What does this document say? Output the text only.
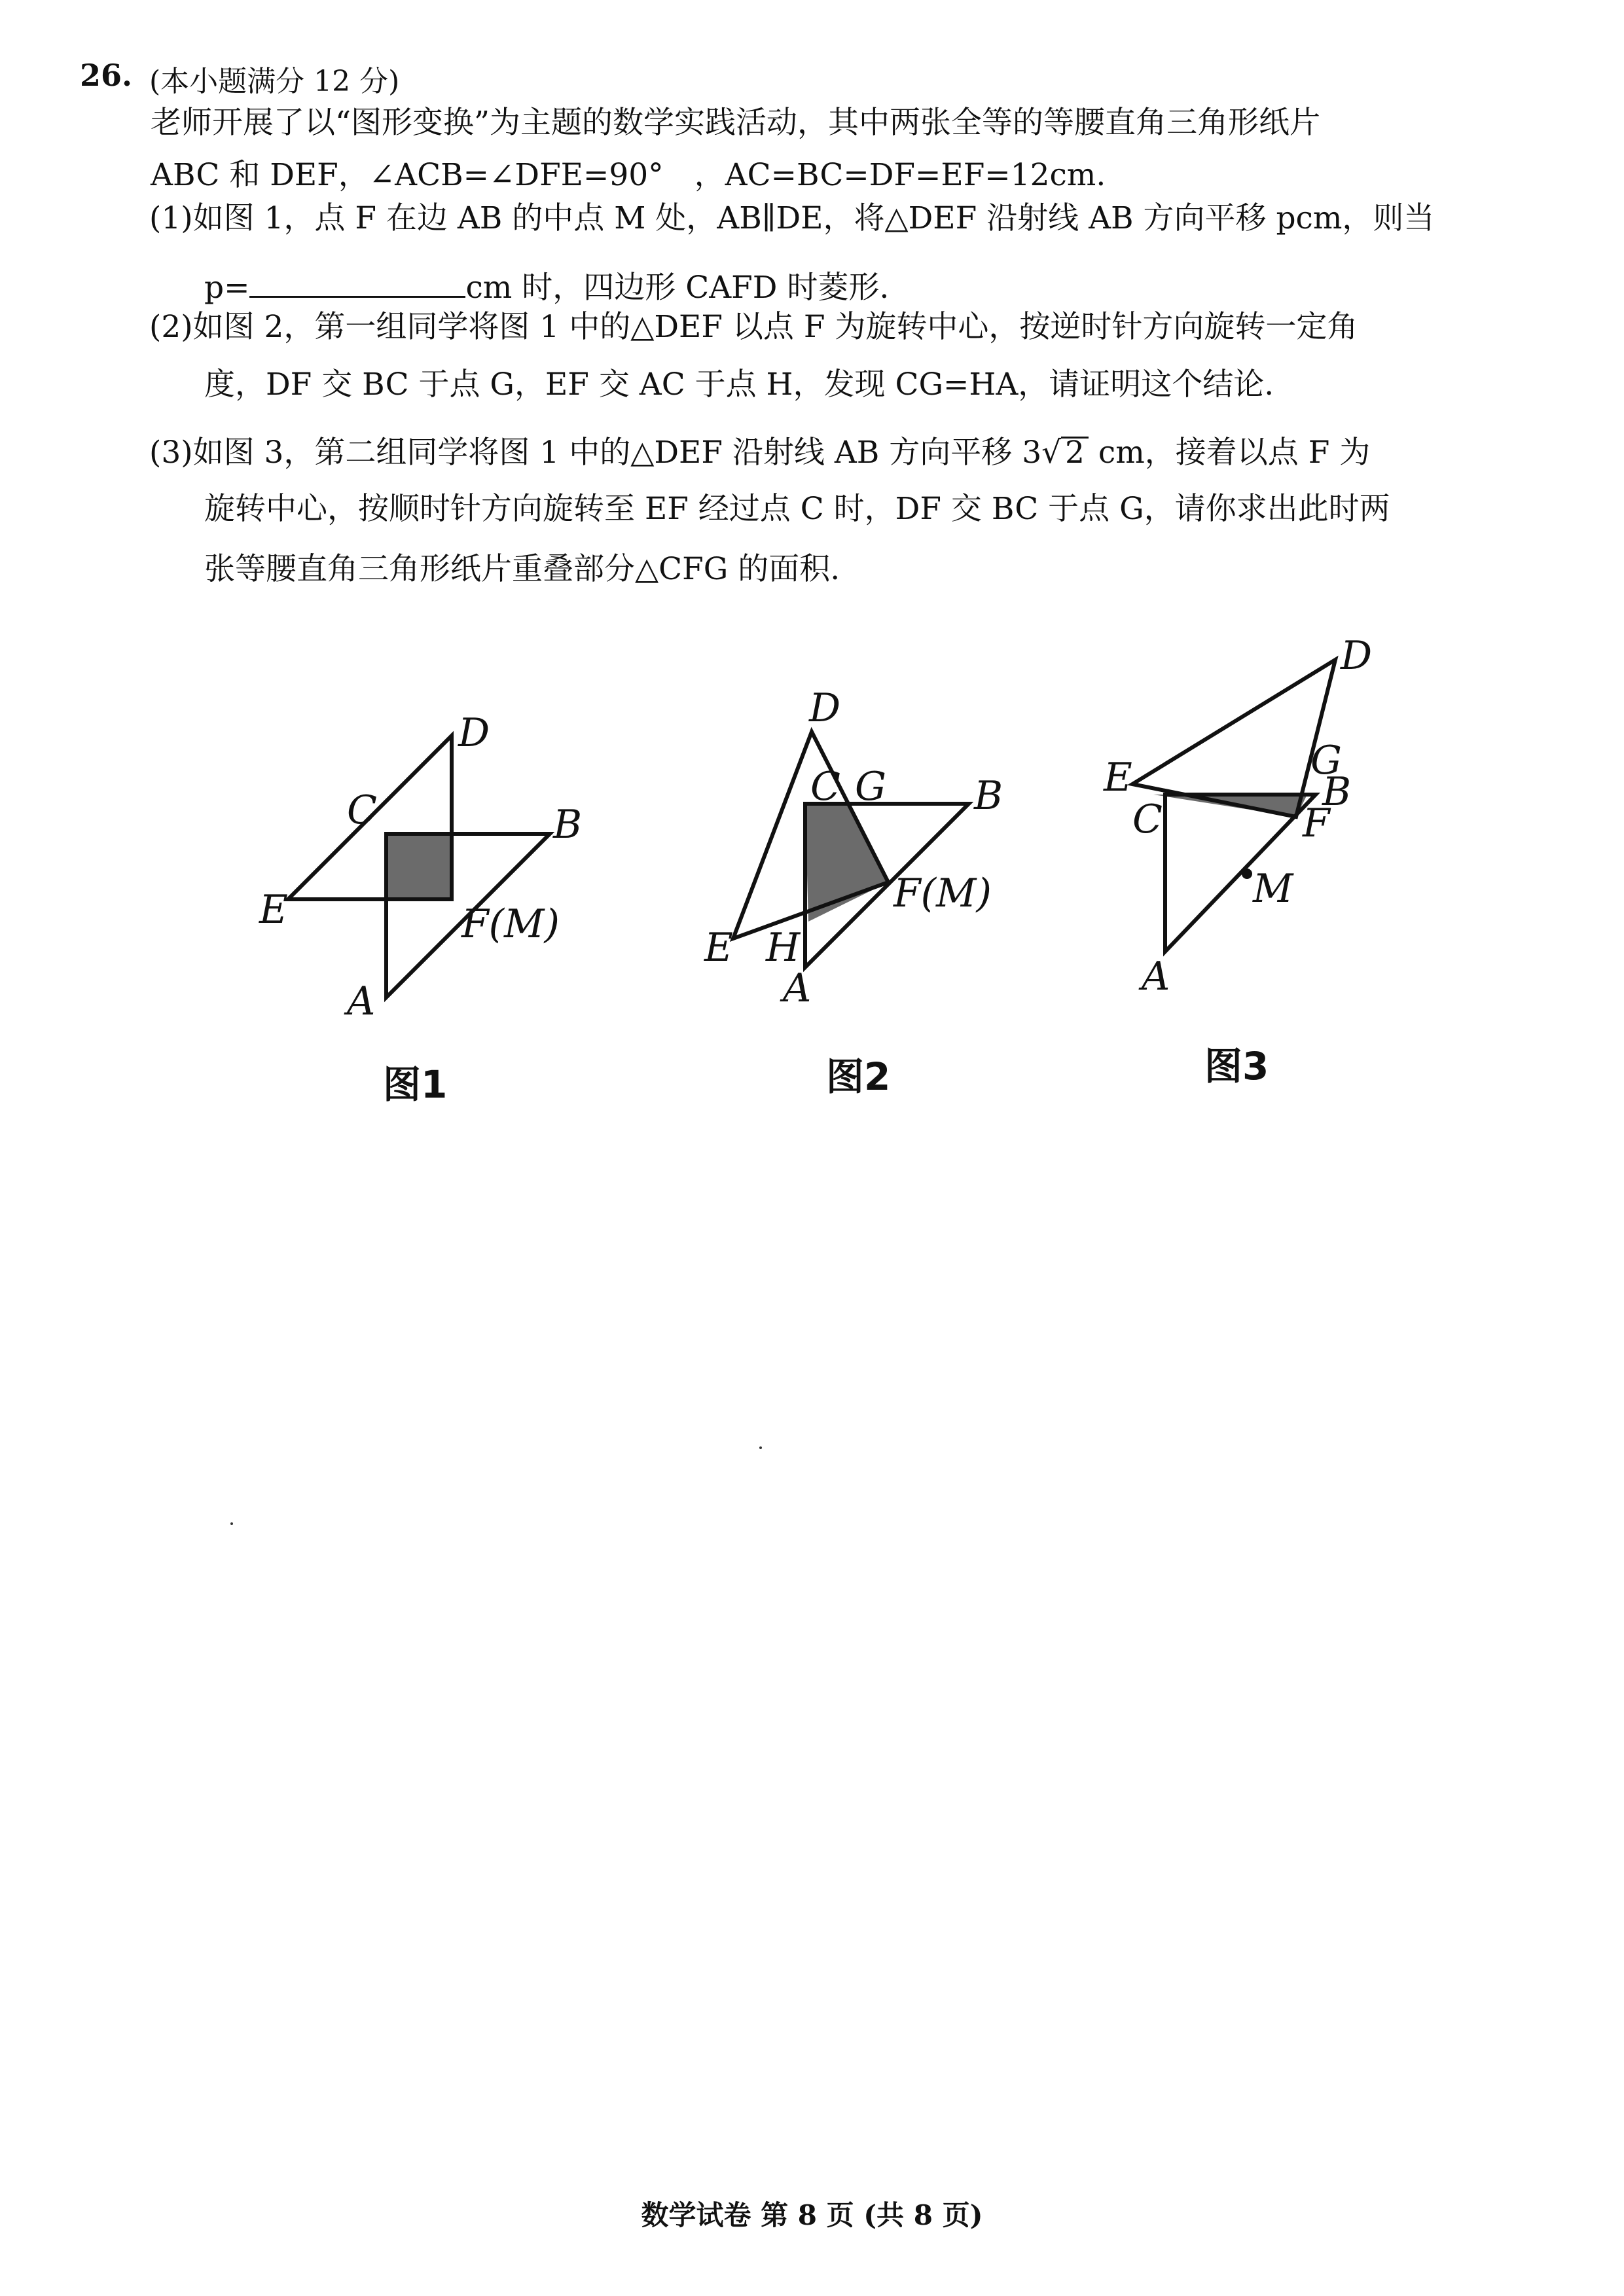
26. (本小题满分 12 分)
老师开展了以“图形变换”为主题的数学实践活动，其中两张全等的等腰直角三角形纸片
ABC 和 DEF，∠ACB=∠DFE=90°　，AC=BC=DF=EF=12cm.
(1)如图 1，点 F 在边 AB 的中点 M 处，AB∥DE，将△DEF 沿射线 AB 方向平移 pcm，则当
p=	cm 时，四边形 CAFD 时菱形.
(2)如图 2，第一组同学将图 1 中的△DEF 以点 F 为旋转中心，按逆时针方向旋转一定角
度，DF 交 BC 于点 G，EF 交 AC 于点 H，发现 CG=HA，请证明这个结论.
(3)如图 3，第二组同学将图 1 中的△DEF 沿射线 AB 方向平移 3√ 2 cm，接着以点 F 为
旋转中心，按顺时针方向旋转至 EF 经过点 C 时，DF 交 BC 于点 G，请你求出此时两
张等腰直角三角形纸片重叠部分△CFG 的面积.
C
D
B
E	F(M)
A
图1
D
C G B
F(M)
E H
A
图2
D
E
C
G
B
F
M
A
图3
数学试卷 第 8 页 (共 8 页)
